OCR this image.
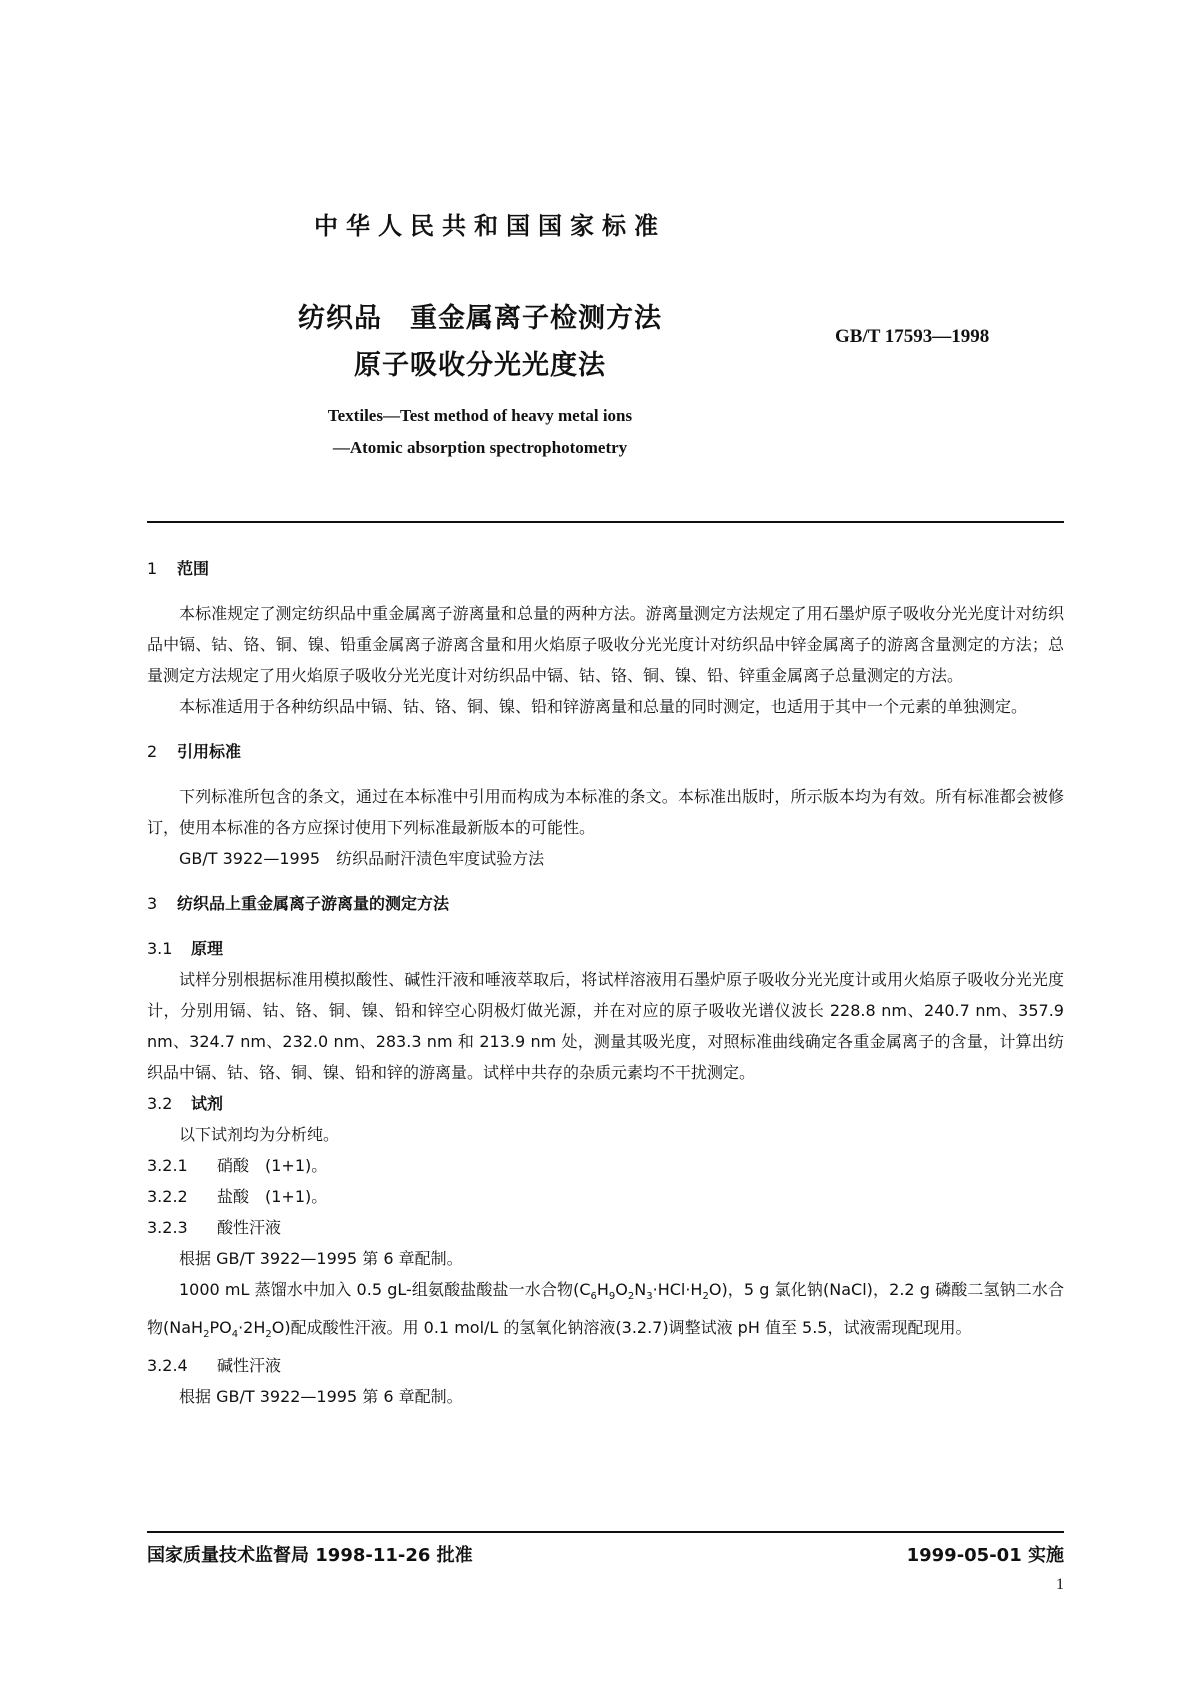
中华人民共和国国家标准
纺织品　重金属离子检测方法
原子吸收分光光度法
GB/T 17593—1998
Textiles—Test method of heavy metal ions
—Atomic absorption spectrophotometry
1 范围

本标准规定了测定纺织品中重金属离子游离量和总量的两种方法。游离量测定方法规定了用石墨炉原子吸收分光光度计对纺织品中镉、钴、铬、铜、镍、铅重金属离子游离含量和用火焰原子吸收分光光度计对纺织品中锌金属离子的游离含量测定的方法；总量测定方法规定了用火焰原子吸收分光光度计对纺织品中镉、钴、铬、铜、镍、铅、锌重金属离子总量测定的方法。

本标准适用于各种纺织品中镉、钴、铬、铜、镍、铅和锌游离量和总量的同时测定，也适用于其中一个元素的单独测定。

2 引用标准

下列标准所包含的条文，通过在本标准中引用而构成为本标准的条文。本标准出版时，所示版本均为有效。所有标准都会被修订，使用本标准的各方应探讨使用下列标准最新版本的可能性。

GB/T 3922—1995　纺织品耐汗渍色牢度试验方法

3 纺织品上重金属离子游离量的测定方法
3.1 原理

试样分别根据标准用模拟酸性、碱性汗液和唾液萃取后，将试样溶液用石墨炉原子吸收分光光度计或用火焰原子吸收分光光度计，分别用镉、钴、铬、铜、镍、铅和锌空心阴极灯做光源，并在对应的原子吸收光谱仪波长 228.8 nm、240.7 nm、357.9 nm、324.7 nm、232.0 nm、283.3 nm 和 213.9 nm 处，测量其吸光度，对照标准曲线确定各重金属离子的含量，计算出纺织品中镉、钴、铬、铜、镍、铅和锌的游离量。试样中共存的杂质元素均不干扰测定。

3.2 试剂

以下试剂均为分析纯。

3.2.1 硝酸　(1+1)。
3.2.2 盐酸　(1+1)。
3.2.3 酸性汗液

根据 GB/T 3922—1995 第 6 章配制。

1000 mL 蒸馏水中加入 0.5 gL-组氨酸盐酸盐一水合物$(C_6H_9O_2N_3\cdot HCl\cdot H_2O)$，5 g 氯化钠(NaCl)，2.2 g 磷酸二氢钠二水合物$(NaH_2PO_4\cdot 2H_2O)$配成酸性汗液。用 0.1 mol/L 的氢氧化钠溶液(3.2.7)调整试液 pH 值至 5.5，试液需现配现用。

3.2.4 碱性汗液

根据 GB/T 3922—1995 第 6 章配制。

国家质量技术监督局 1998-11-26 批准	1999-05-01 实施
1
